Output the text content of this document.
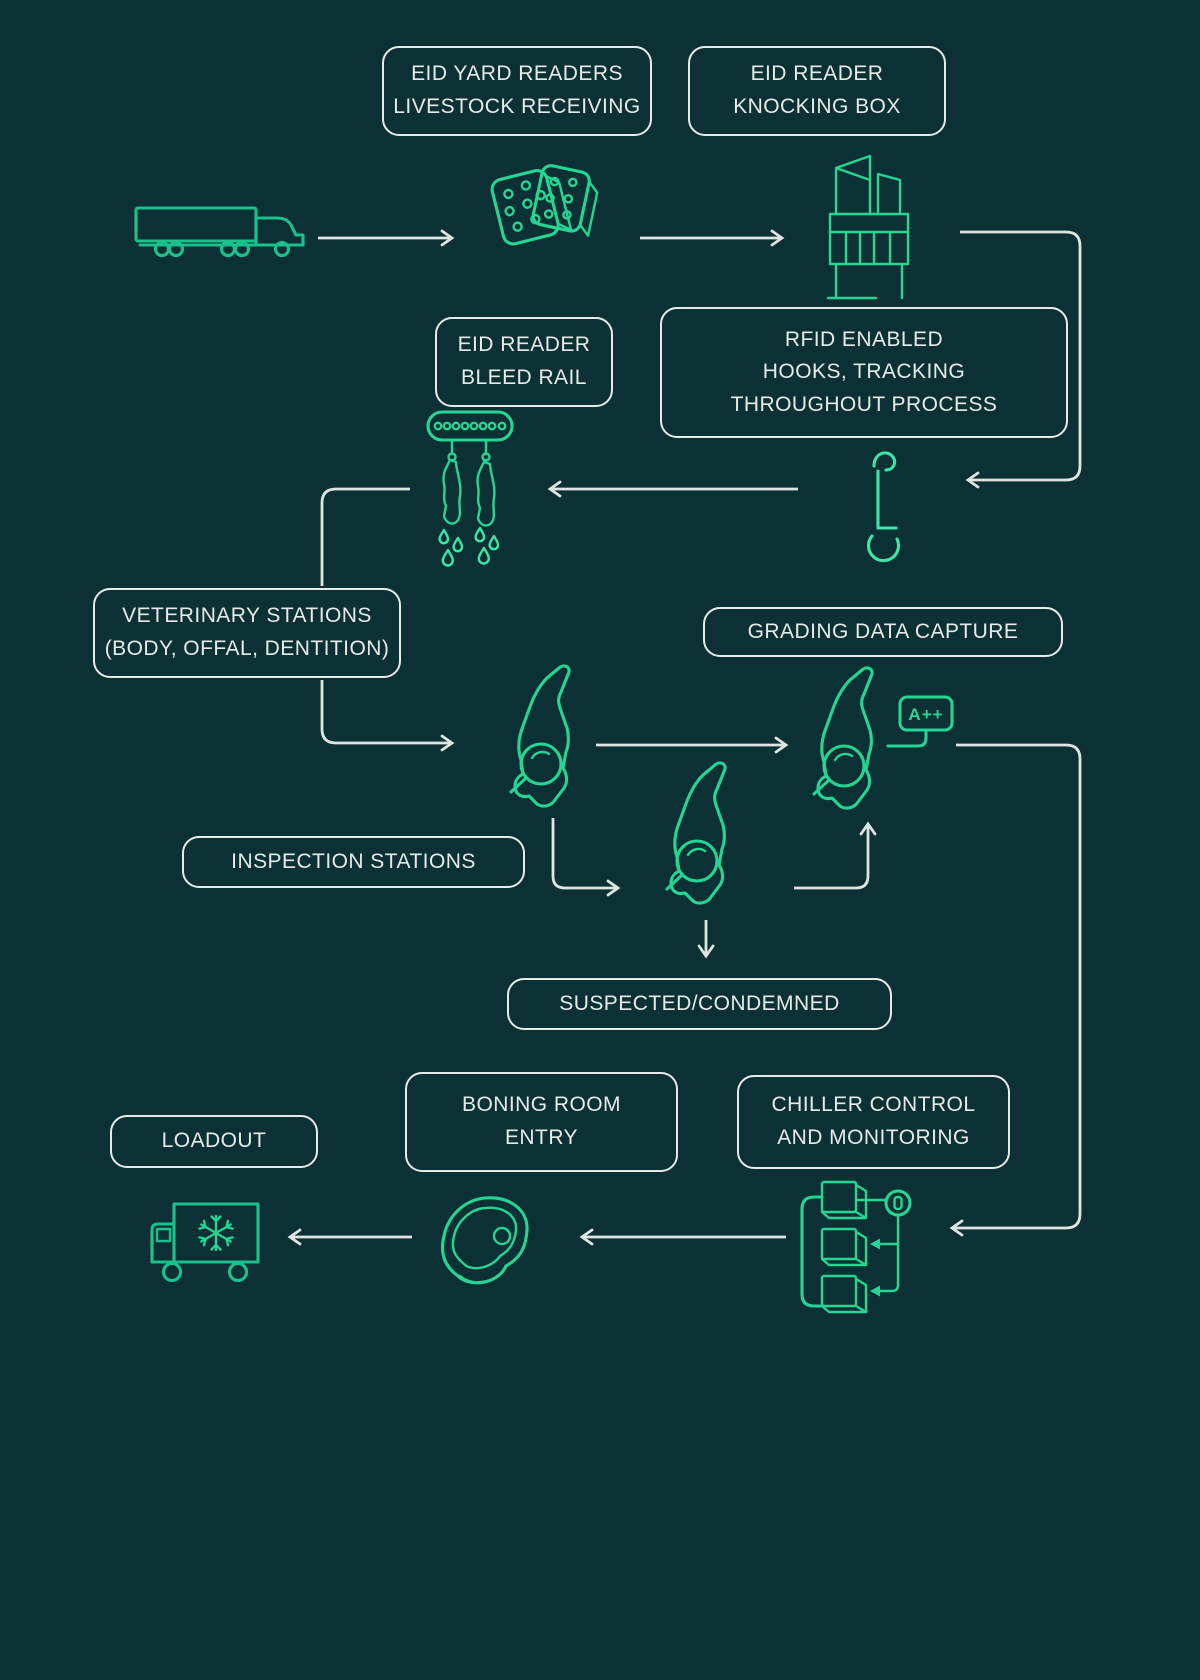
A++
EID YARD READERS
LIVESTOCK RECEIVING
EID READER
KNOCKING BOX
EID READER
BLEED RAIL
RFID ENABLED
HOOKS, TRACKING
THROUGHOUT PROCESS
VETERINARY STATIONS
(BODY, OFFAL, DENTITION)
GRADING DATA CAPTURE
INSPECTION STATIONS
SUSPECTED/CONDEMNED
BONING ROOM
ENTRY
CHILLER CONTROL
AND MONITORING
LOADOUT
